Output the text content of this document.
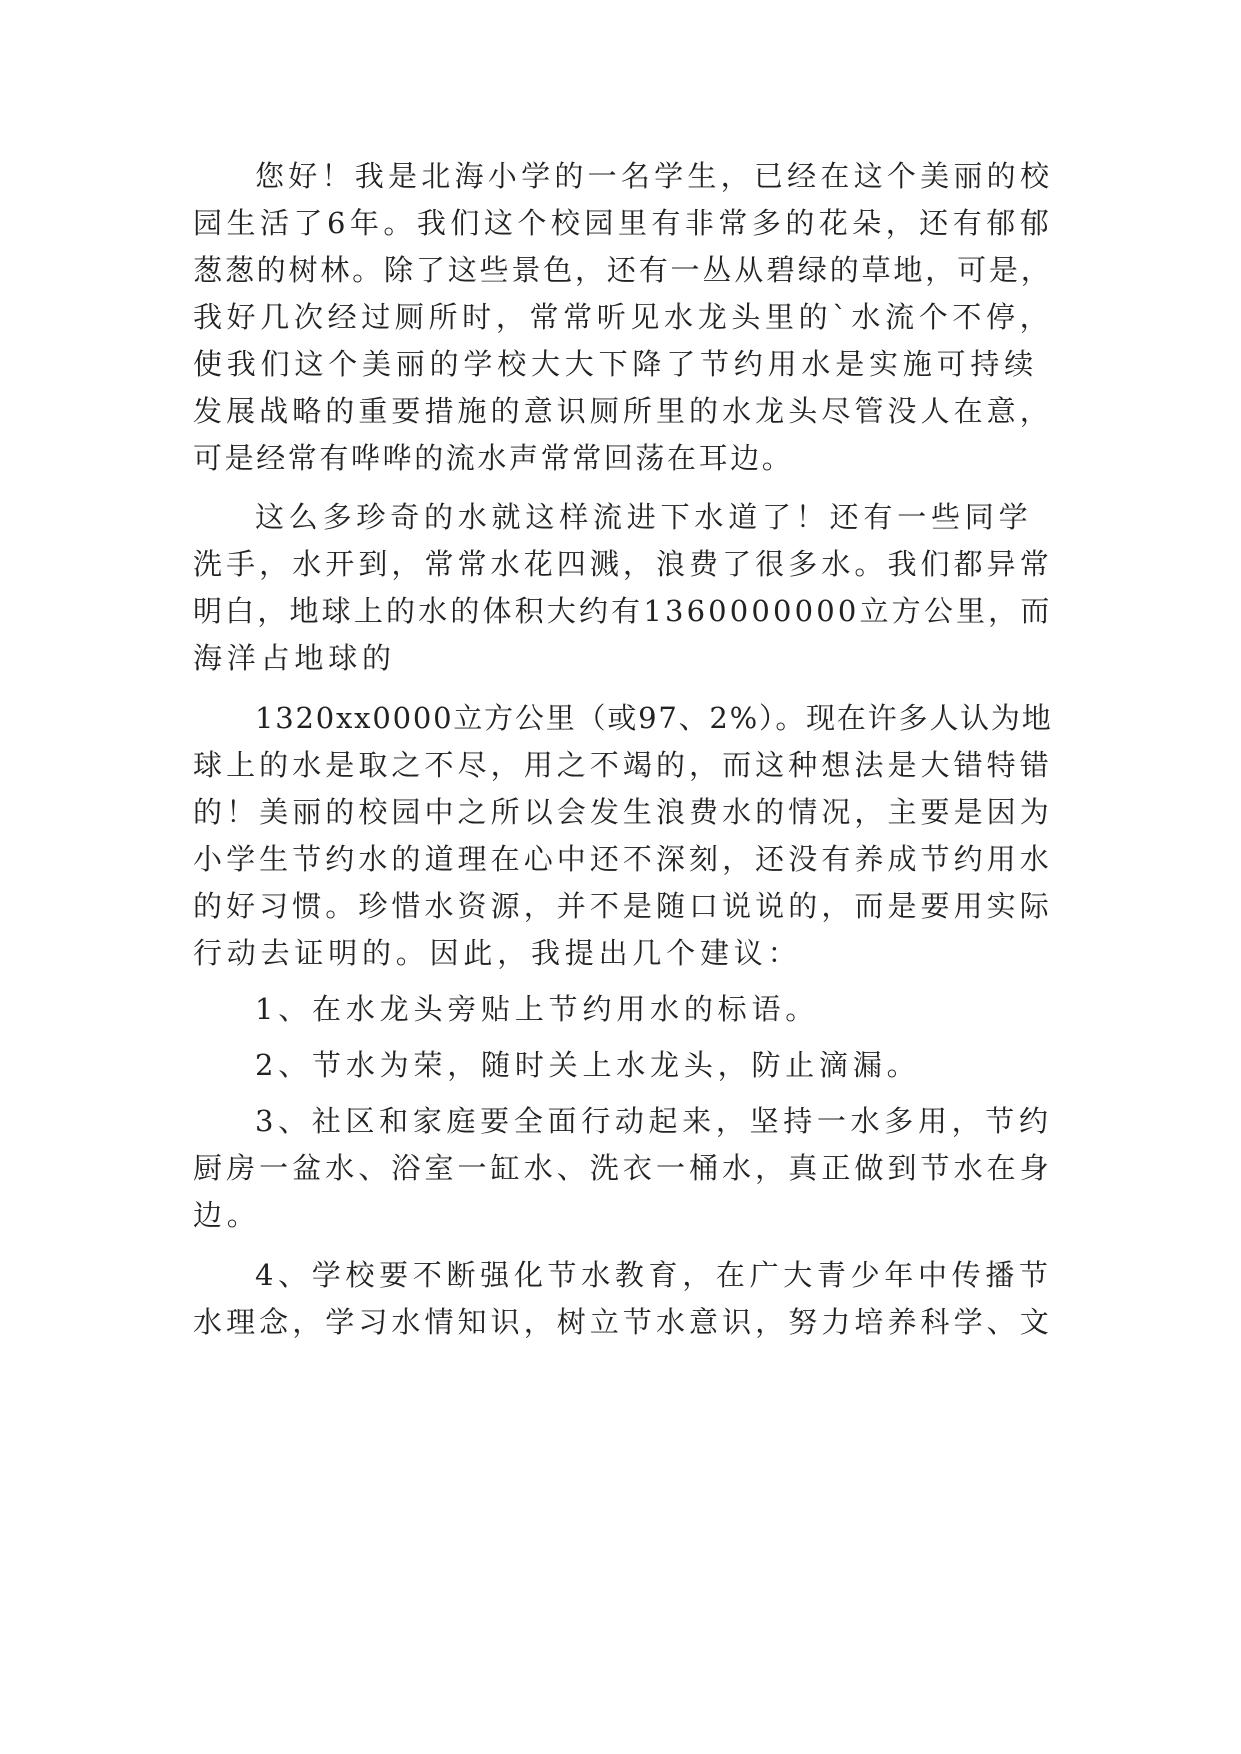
您好！我是北海小学的一名学生，已经在这个美丽的校
园生活了6年。我们这个校园里有非常多的花朵，还有郁郁
葱葱的树林。除了这些景色，还有一丛从碧绿的草地，可是，
我好几次经过厕所时，常常听见水龙头里的`水流个不停，
使我们这个美丽的学校大大下降了节约用水是实施可持续
发展战略的重要措施的意识厕所里的水龙头尽管没人在意，
可是经常有哗哗的流水声常常回荡在耳边。
这么多珍奇的水就这样流进下水道了！还有一些同学
洗手，水开到，常常水花四溅，浪费了很多水。我们都异常
明白，地球上的水的体积大约有1360000000立方公里，而
海洋占地球的
1320xx0000立方公里（或97、2%）。现在许多人认为地
球上的水是取之不尽，用之不竭的，而这种想法是大错特错
的！美丽的校园中之所以会发生浪费水的情况，主要是因为
小学生节约水的道理在心中还不深刻，还没有养成节约用水
的好习惯。珍惜水资源，并不是随口说说的，而是要用实际
行动去证明的。因此，我提出几个建议：
1、在水龙头旁贴上节约用水的标语。
2、节水为荣，随时关上水龙头，防止滴漏。
3、社区和家庭要全面行动起来，坚持一水多用，节约
厨房一盆水、浴室一缸水、洗衣一桶水，真正做到节水在身
边。
4、学校要不断强化节水教育，在广大青少年中传播节
水理念，学习水情知识，树立节水意识，努力培养科学、文
